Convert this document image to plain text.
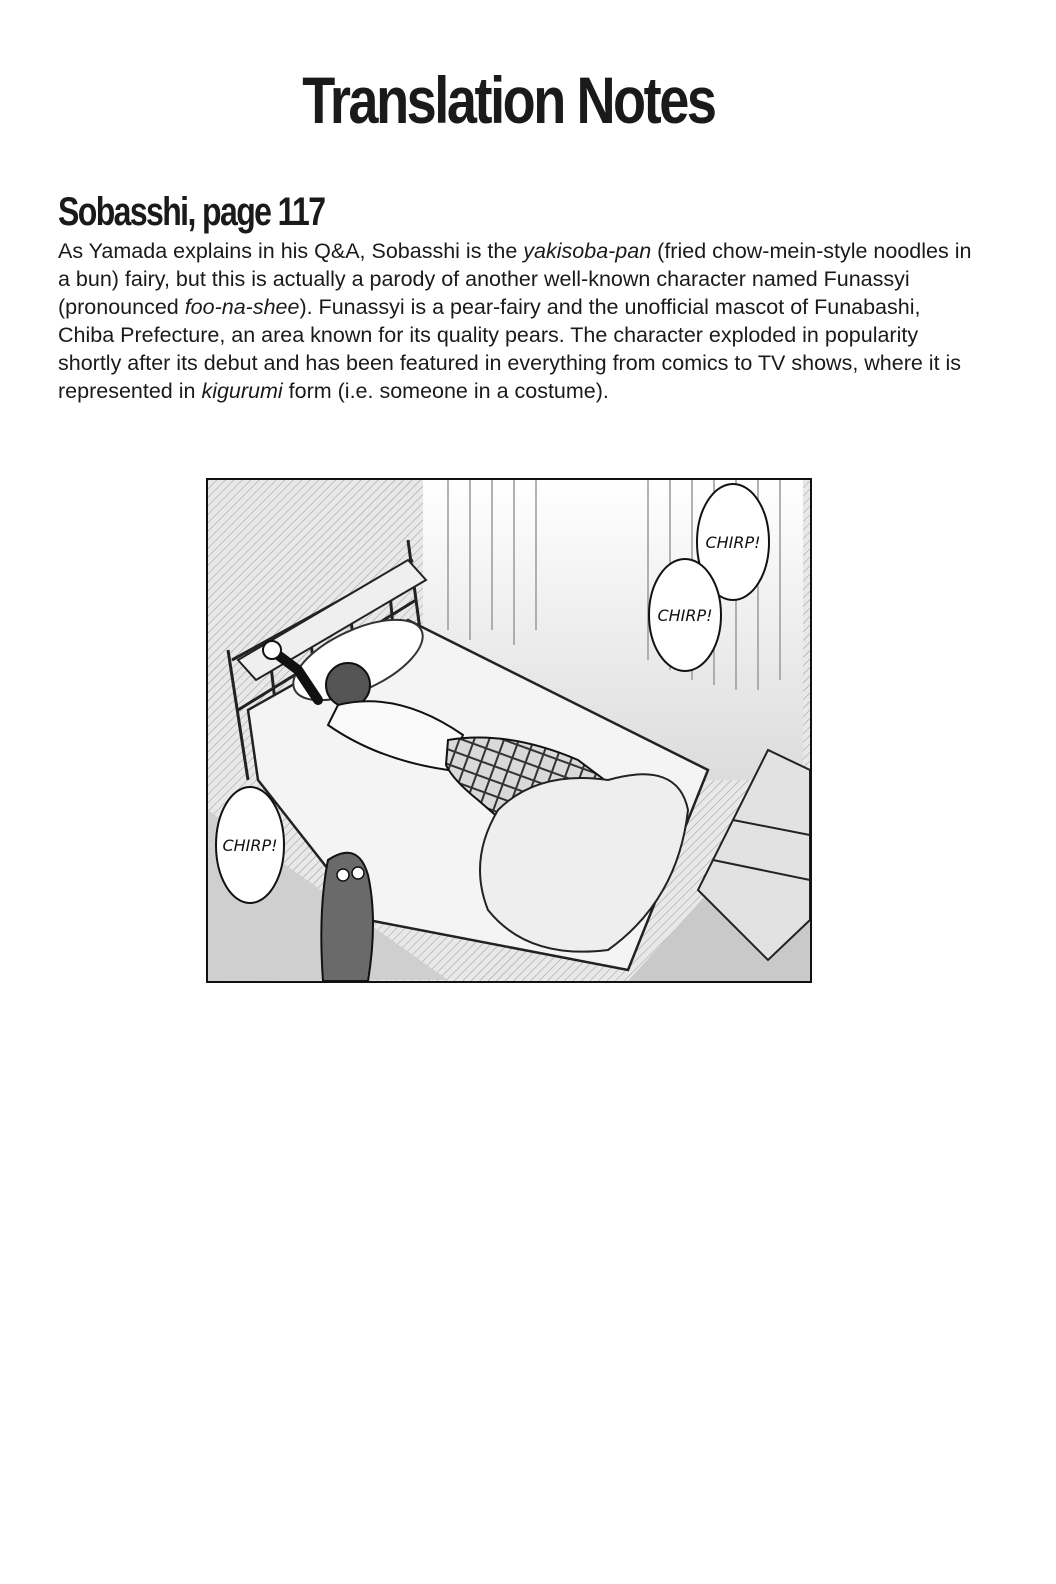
Translation Notes
Sobasshi, page 117

As Yamada explains in his Q&A, Sobasshi is the yakisoba-pan (fried chow-mein-style noodles in a bun) fairy, but this is actually a parody of another well-known character named Funassyi (pronounced foo-na-shee). Funassyi is a pear-fairy and the unofficial mascot of Funabashi, Chiba Prefecture, an area known for its quality pears. The character exploded in popularity shortly after its debut and has been featured in everything from comics to TV shows, where it is represented in kigurumi form (i.e. someone in a costume).

CHIRP!
CHIRP!
CHIRP!
